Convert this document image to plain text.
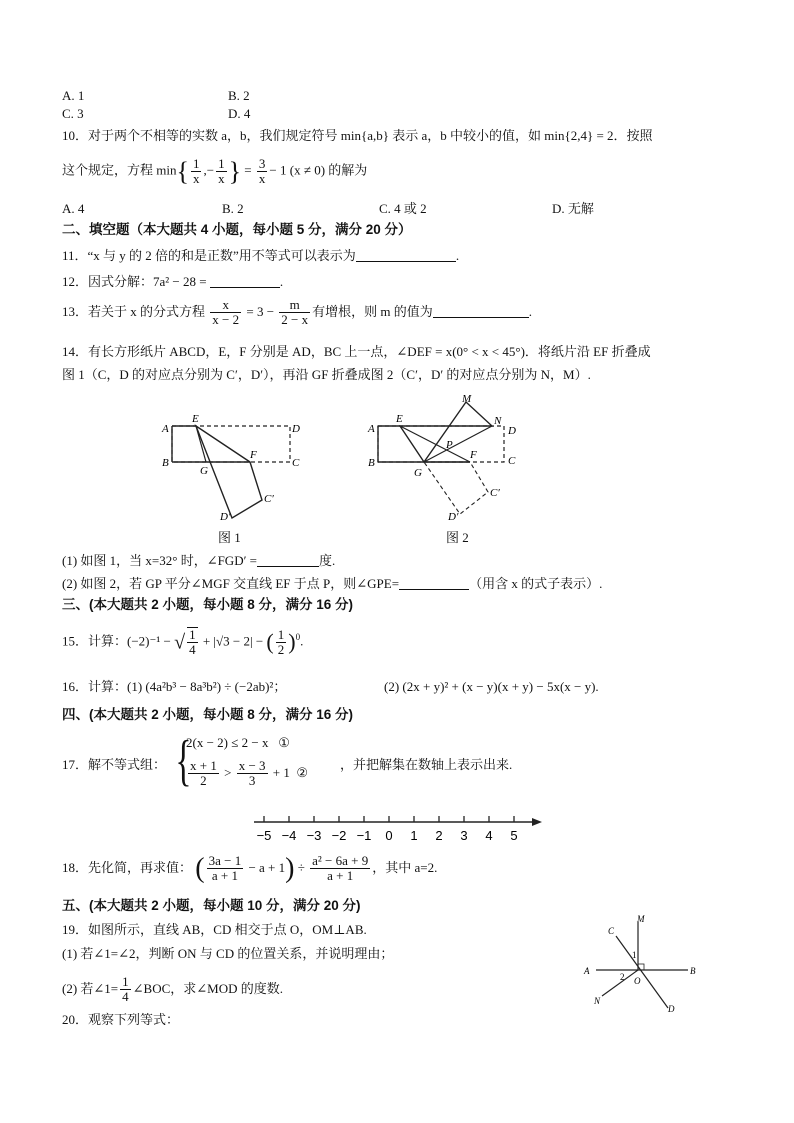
A. 1	B. 2
C. 3	D. 4
10．对于两个不相等的实数 a，b，我们规定符号 min{a,b} 表示 a，b 中较小的值，如 min{2,4} = 2．按照
这个规定，方程 $\min\{ \frac{1}{x}$ ,− $\frac{1}{x}$ } = $\frac{3}{x} - 1$ (x ≠ 0) 的解为
A. 4	B. 2	C. 4 或 2	D. 无解
二、填空题（本大题共 4 小题，每小题 5 分，满分 20 分）
11．“x 与 y 的 2 倍的和是正数”用不等式可以表示为	.
12．因式分解：7a² − 28 =	.
13．若关于 x 的分式方程 $\frac{x}{x - 2} = 3 - \frac{m}{2 - x}$ 有增根，则 m 的值为	.
14．有长方形纸片 ABCD，E，F 分别是 AD，BC 上一点，∠DEF = x(0° < x < 45°)．将纸片沿 EF 折叠成
图 1（C，D 的对应点分别为 C′，D′），再沿 GF 折叠成图 2（C′，D′ 的对应点分别为 N，M）.
A
B
E
D
C
F
G
C′
D′
图 1
A
B
E
M
N
D
C
P
F
G
C′
D′
图 2
(1) 如图 1，当 x=32° 时，∠FGD′ =	度.
(2) 如图 2，若 GP 平分∠MGF 交直线 EF 于点 P，则∠GPE=	（用含 x 的式子表示）.
三、(本大题共 2 小题，每小题 8 分，满分 16 分)
15．计算：(−2)⁻¹ − √ $\frac{1}{4} + |√3 - 2|$ − ( $\frac{1}{2} )^0$.
16．计算：(1) (4a²b³ − 8a³b²) ÷ (−2ab)²；	(2) (2x + y)² + (x − y)(x + y) − 5x(x − y).
四、(本大题共 2 小题，每小题 8 分，满分 16 分)
17．解不等式组： {
2(x − 2) ≤ 2 − x ①
$\frac{x + 1}{2} > \frac{x - 3}{3} + 1$  ②
，并把解集在数轴上表示出来.
−5 −4 −3 −2 −1 0 1 2 3 4 5
18．先化简，再求值： ( $\frac{3a - 1}{a + 1} - a + 1) \div \frac{\text{a² − 6a + 9}}{a + 1}$ ，其中 a=2.
五、(本大题共 2 小题，每小题 10 分，满分 20 分)
19．如图所示，直线 AB，CD 相交于点 O，OM⊥AB.
(1) 若∠1=∠2，判断 ON 与 CD 的位置关系，并说明理由；
(2) 若∠1= $\frac{1}{4}$ ∠BOC，求∠MOD 的度数.
M
C
A	B
N
D
O
1
2
20．观察下列等式：
